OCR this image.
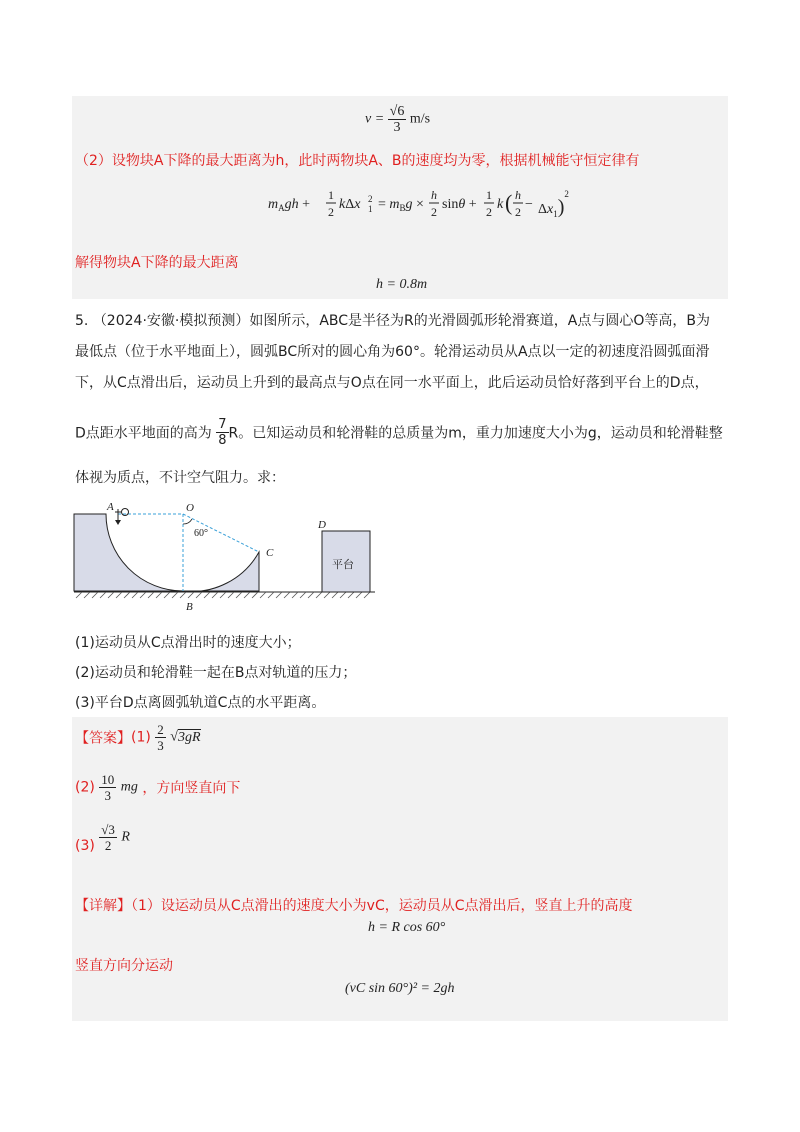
$v = \frac{√6}{3} m/s$
（2）设物块A下降的最大距离为h，此时两物块A、B的速度均为零，根据机械能守恒定律有
$m_Agh$ +
1
2 kΔx 2
$1 = m_Bg$ ×
h
2 sinθ +
1
2 k ( h
$2 - \Delta x_1)^2$
解得物块A下降的最大距离
h = 0.8m
5. （2024·安徽·模拟预测）如图所示，ABC是半径为R的光滑圆弧形轮滑赛道，A点与圆心O等高，B为
最低点（位于水平地面上），圆弧BC所对的圆心角为60°。轮滑运动员从A点以一定的初速度沿圆弧面滑
下，从C点滑出后，运动员上升到的最高点与O点在同一水平面上，此后运动员恰好落到平台上的D点，
D点距水平地面的高为 $\frac{7}{8}$ R。已知运动员和轮滑鞋的总质量为m，重力加速度大小为g，运动员和轮滑鞋整
体视为质点，不计空气阻力。求：
A	O
C
B
D
60°
平台
(1)运动员从C点滑出时的速度大小；
(2)运动员和轮滑鞋一起在B点对轨道的压力；
(3)平台D点离圆弧轨道C点的水平距离。
【答案】$(1) \frac{2}{3} √3gR$
$(2) \frac{10}{3}$ mg ，方向竖直向下
$(3) \frac{√3}{2}$ R
【详解】（1）设运动员从C点滑出的速度大小为vC，运动员从C点滑出后，竖直上升的高度
h = R cos 60°
竖直方向分运动
(vC sin 60°)² = 2gh
